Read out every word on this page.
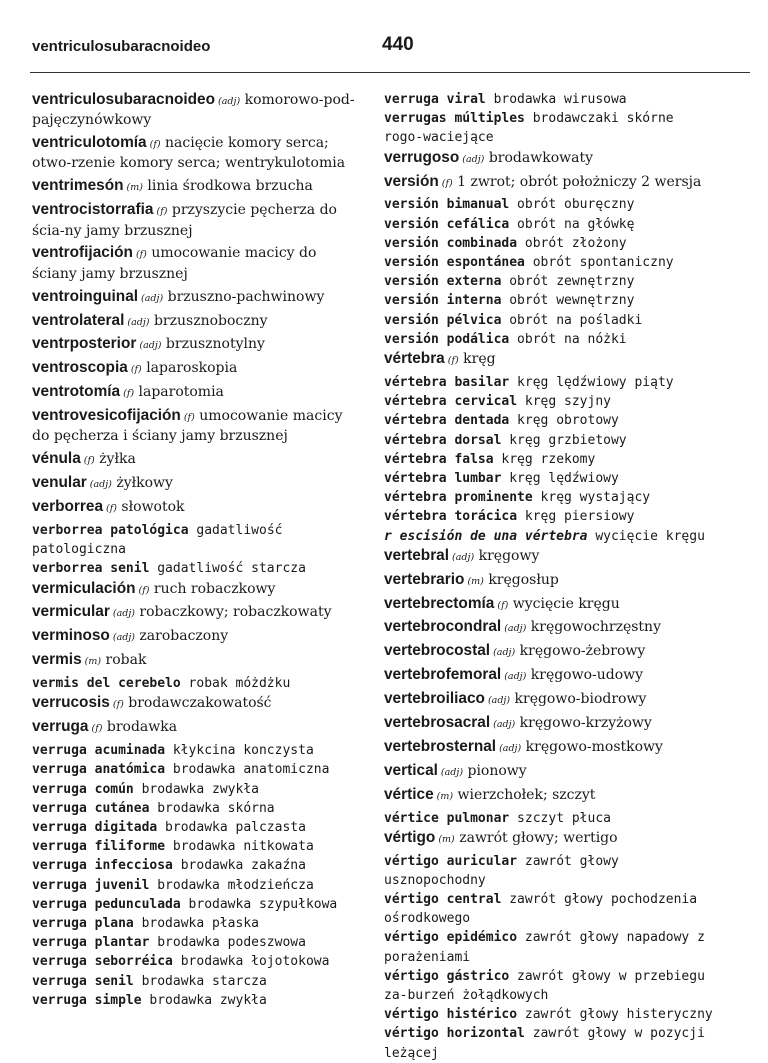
ventriculosubaracnoideo	440

ventriculosubaracnoideo (adj) komorowo-pod-pajęczynówkowy

ventriculotomía (f) nacięcie komory serca; otwo-rzenie komory serca; wentrykulotomia

ventrimesón (m) linia środkowa brzucha

ventrocistorrafia (f) przyszycie pęcherza do ścia-ny jamy brzusznej

ventrofijación (f) umocowanie macicy do ściany jamy brzusznej

ventroinguinal (adj) brzuszno-pachwinowy

ventrolateral (adj) brzusznoboczny

ventrposterior (adj) brzusznotylny

ventroscopia (f) laparoskopia

ventrotomía (f) laparotomia

ventrovesicofijación (f) umocowanie macicy do pęcherza i ściany jamy brzusznej

vénula (f) żyłka

venular (adj) żyłkowy

verborrea (f) słowotok

verborrea patológica gadatliwość patologiczna

verborrea senil gadatliwość starcza

vermiculación (f) ruch robaczkowy

vermicular (adj) robaczkowy; robaczkowaty

verminoso (adj) zarobaczony

vermis (m) robak

vermis del cerebelo robak móżdżku

verrucosis (f) brodawczakowatość

verruga (f) brodawka

verruga acuminada kłykcina konczysta

verruga anatómica brodawka anatomiczna

verruga común brodawka zwykła

verruga cutánea brodawka skórna

verruga digitada brodawka palczasta

verruga filiforme brodawka nitkowata

verruga infecciosa brodawka zakaźna

verruga juvenil brodawka młodzieńcza

verruga pedunculada brodawka szypułkowa

verruga plana brodawka płaska

verruga plantar brodawka podeszwowa

verruga seborréica brodawka łojotokowa

verruga senil brodawka starcza

verruga simple brodawka zwykła

verruga viral brodawka wirusowa

verrugas múltiples brodawczaki skórne rogo-waciejące

verrugoso (adj) brodawkowaty

versión (f) 1 zwrot; obrót położniczy 2 wersja

versión bimanual obrót oburęczny

versión cefálica obrót na główkę

versión combinada obrót złożony

versión espontánea obrót spontaniczny

versión externa obrót zewnętrzny

versión interna obrót wewnętrzny

versión pélvica obrót na pośladki

versión podálica obrót na nóżki

vértebra (f) kręg

vértebra basilar kręg lędźwiowy piąty

vértebra cervical kręg szyjny

vértebra dentada kręg obrotowy

vértebra dorsal kręg grzbietowy

vértebra falsa kręg rzekomy

vértebra lumbar kręg lędźwiowy

vértebra prominente kręg wystający

vértebra torácica kręg piersiowy

r escisión de una vértebra wycięcie kręgu

vertebral (adj) kręgowy

vertebrario (m) kręgosłup

vertebrectomía (f) wycięcie kręgu

vertebrocondral (adj) kręgowochrzęstny

vertebrocostal (adj) kręgowo-żebrowy

vertebrofemoral (adj) kręgowo-udowy

vertebroiliaco (adj) kręgowo-biodrowy

vertebrosacral (adj) kręgowo-krzyżowy

vertebrosternal (adj) kręgowo-mostkowy

vertical (adj) pionowy

vértice (m) wierzchołek; szczyt

vértice pulmonar szczyt płuca

vértigo (m) zawrót głowy; wertigo

vértigo auricular zawrót głowy usznopochodny

vértigo central zawrót głowy pochodzenia ośrodkowego

vértigo epidémico zawrót głowy napadowy z porażeniami

vértigo gástrico zawrót głowy w przebiegu za-burzeń żołądkowych

vértigo histérico zawrót głowy histeryczny

vértigo horizontal zawrót głowy w pozycji leżącej
